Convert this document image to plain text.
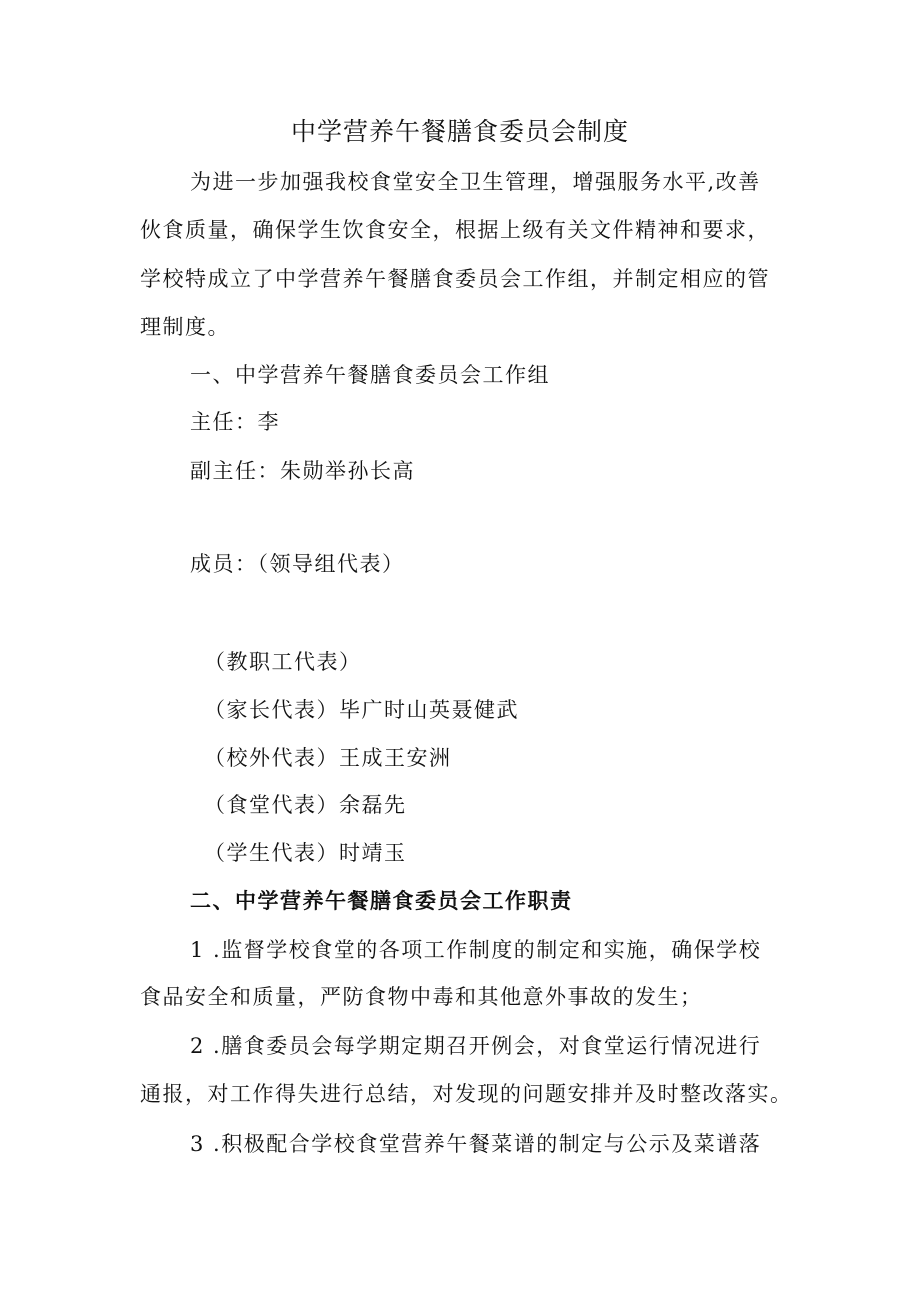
中学营养午餐膳食委员会制度
为进一步加强我校食堂安全卫生管理，增强服务水平,改善
伙食质量，确保学生饮食安全，根据上级有关文件精神和要求，
学校特成立了中学营养午餐膳食委员会工作组，并制定相应的管
理制度。
一、中学营养午餐膳食委员会工作组
主任：李
副主任：朱勋举孙长高
成员：（领导组代表）
（教职工代表）
（家长代表）毕广时山英聂健武
（校外代表）王成王安洲
（食堂代表）余磊先
（学生代表）时靖玉
二、中学营养午餐膳食委员会工作职责
1 .监督学校食堂的各项工作制度的制定和实施，确保学校
食品安全和质量，严防食物中毒和其他意外事故的发生；
2 .膳食委员会每学期定期召开例会，对食堂运行情况进行
通报，对工作得失进行总结，对发现的问题安排并及时整改落实。
3 .积极配合学校食堂营养午餐菜谱的制定与公示及菜谱落
